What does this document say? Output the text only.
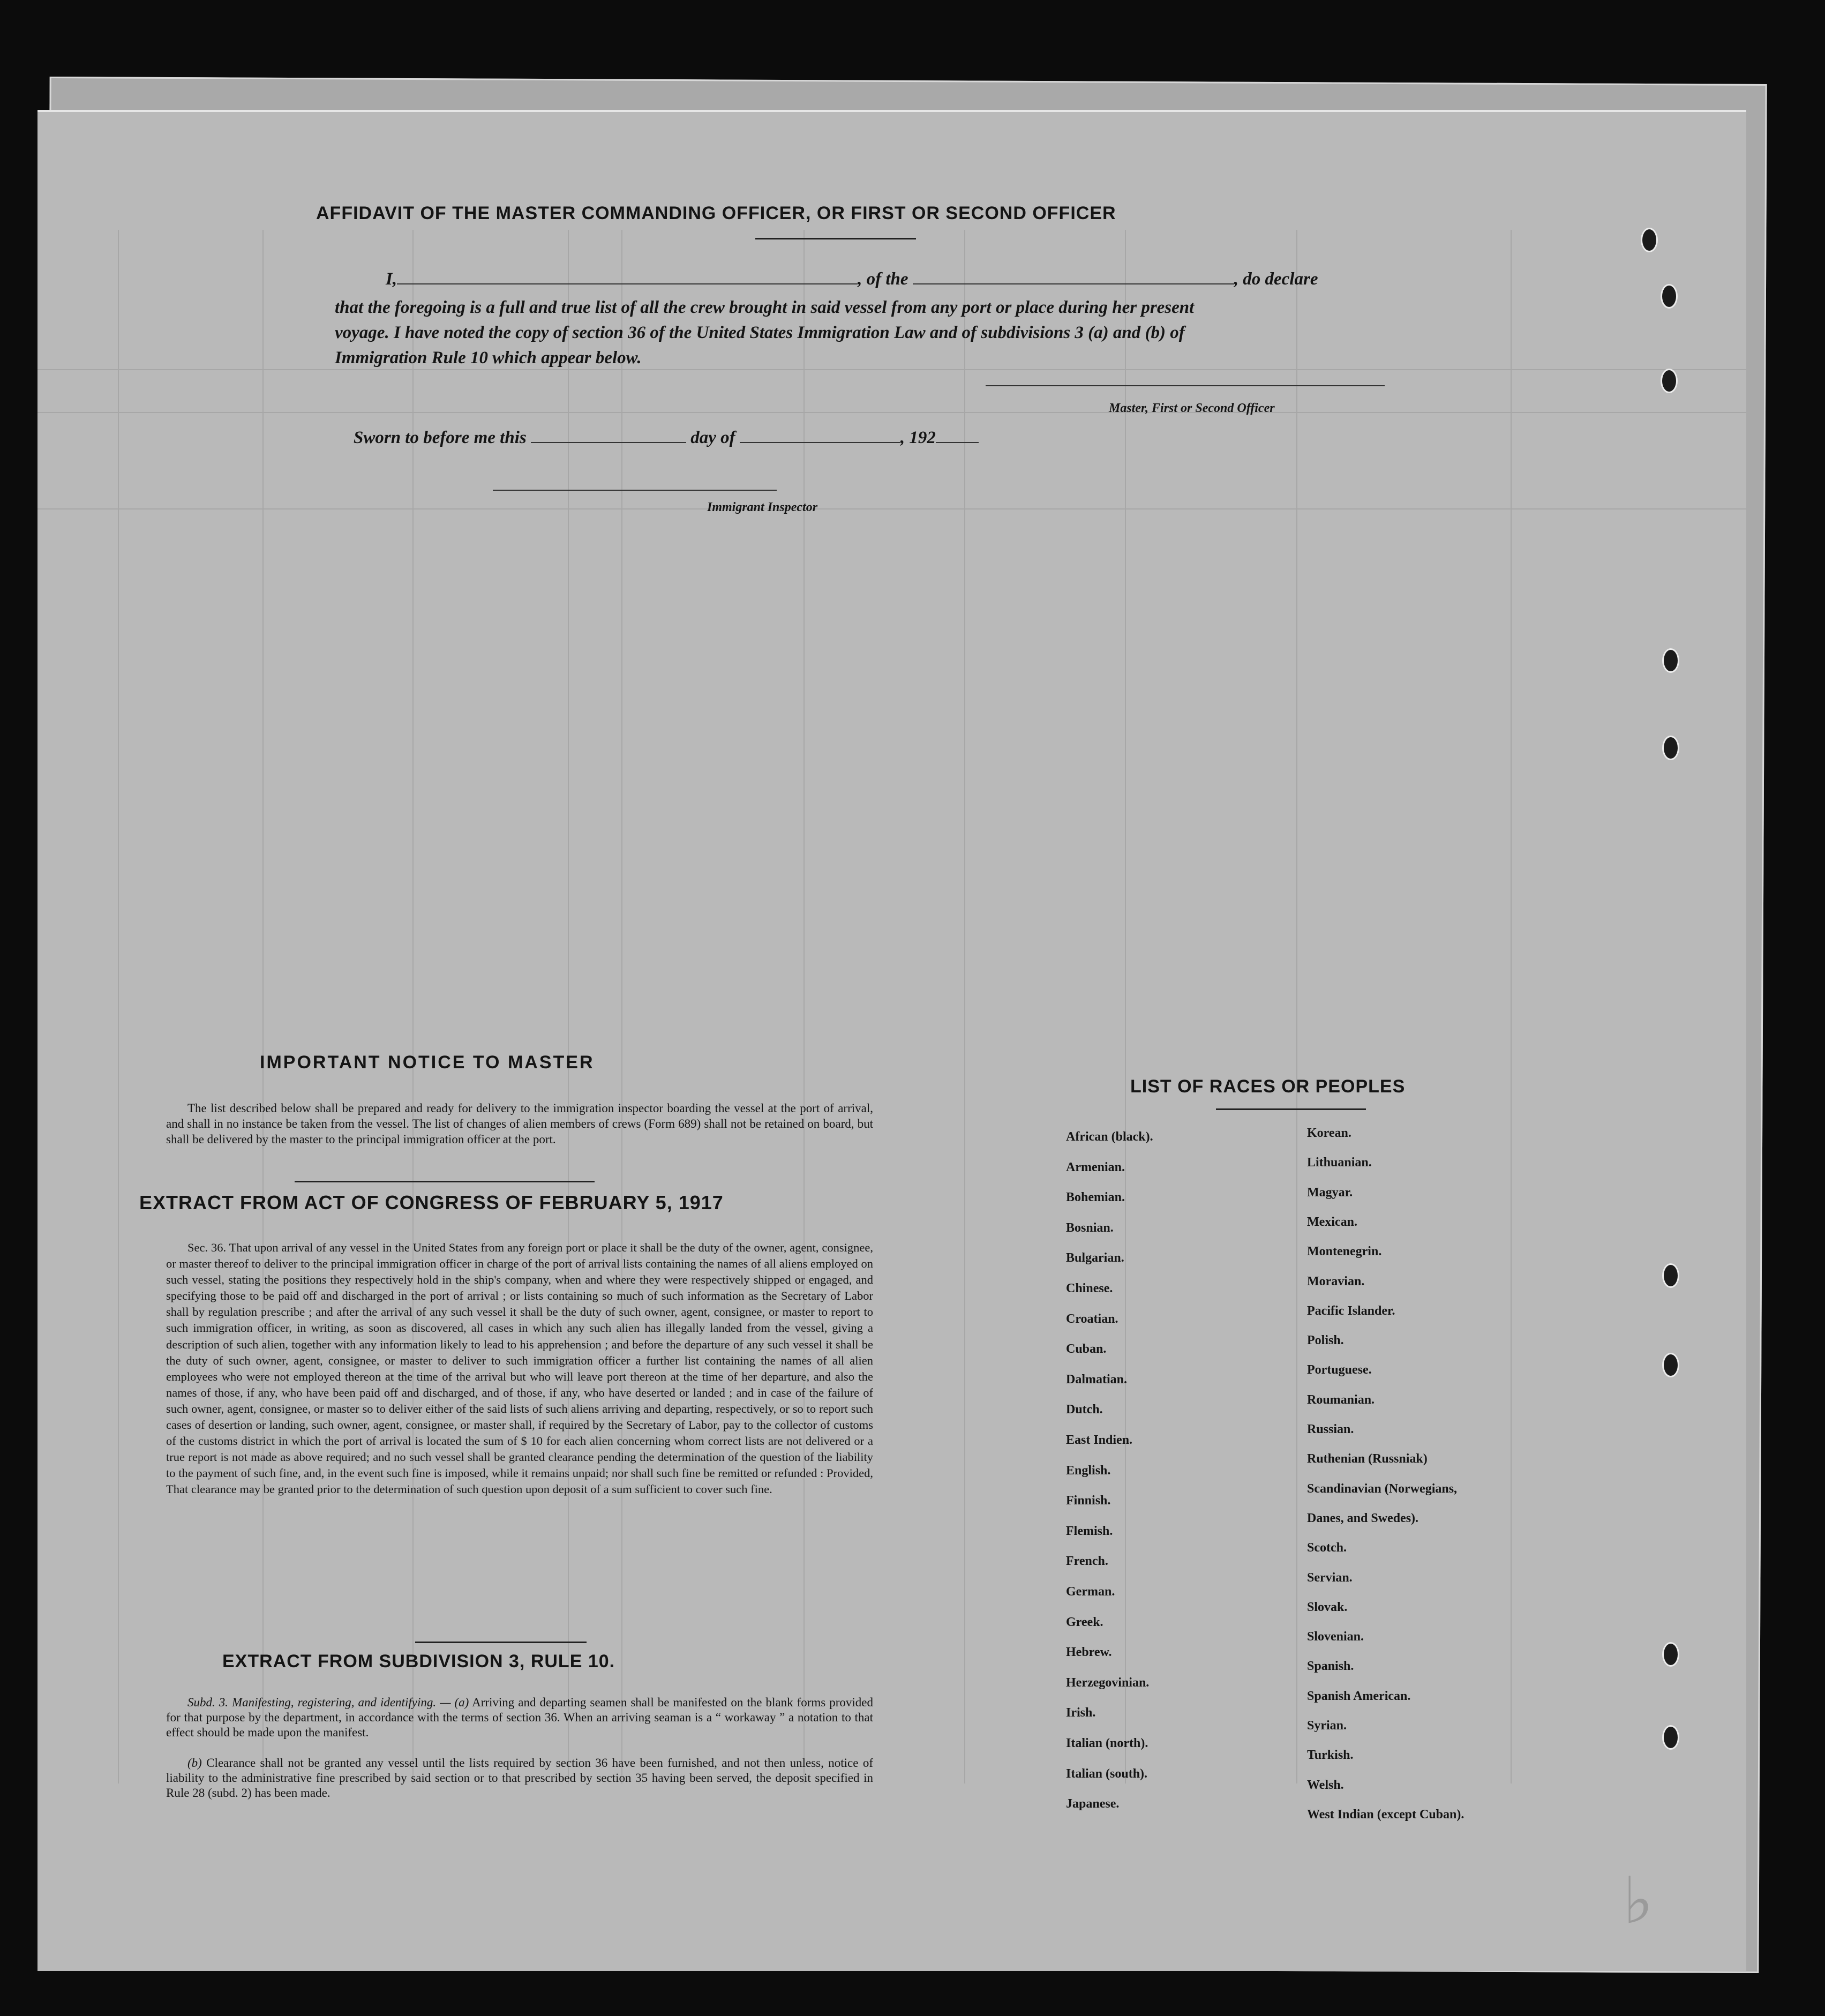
AFFIDAVIT OF THE MASTER COMMANDING OFFICER, OR FIRST OR SECOND OFFICER
I,	, of the	, do declare
that the foregoing is a full and true list of all the crew brought in said vessel from any port or place during her present
voyage. I have noted the copy of section 36 of the United States Immigration Law and of subdivisions 3 (a) and (b) of
Immigration Rule 10 which appear below.
Master, First or Second Officer
Sworn to before me this	day of	, 192
Immigrant Inspector
IMPORTANT NOTICE TO MASTER
The list described below shall be prepared and ready for delivery to the immigration inspector boarding the vessel at the port of arrival, and shall in no instance be taken from the vessel. The list of changes of alien members of crews (Form 689) shall not be retained on board, but shall be delivered by the master to the principal immigration officer at the port.
EXTRACT FROM ACT OF CONGRESS OF FEBRUARY 5, 1917
Sec. 36. That upon arrival of any vessel in the United States from any foreign port or place it shall be the duty of the owner, agent, consignee, or master thereof to deliver to the principal immigration officer in charge of the port of arrival lists containing the names of all aliens employed on such vessel, stating the positions they respectively hold in the ship's company, when and where they were respectively shipped or engaged, and specifying those to be paid off and discharged in the port of arrival ; or lists containing so much of such information as the Secretary of Labor shall by regulation prescribe ; and after the arrival of any such vessel it shall be the duty of such owner, agent, consignee, or master to report to such immigration officer, in writing, as soon as discovered, all cases in which any such alien has illegally landed from the vessel, giving a description of such alien, together with any information likely to lead to his apprehension ; and before the departure of any such vessel it shall be the duty of such owner, agent, consignee, or master to deliver to such immigration officer a further list containing the names of all alien employees who were not employed thereon at the time of the arrival but who will leave port thereon at the time of her departure, and also the names of those, if any, who have been paid off and discharged, and of those, if any, who have deserted or landed ; and in case of the failure of such owner, agent, consignee, or master so to deliver either of the said lists of such aliens arriving and departing, respectively, or so to report such cases of desertion or landing, such owner, agent, consignee, or master shall, if required by the Secretary of Labor, pay to the collector of customs of the customs district in which the port of arrival is located the sum of $ 10 for each alien concerning whom correct lists are not delivered or a true report is not made as above required; and no such vessel shall be granted clearance pending the determination of the question of the liability to the payment of such fine, and, in the event such fine is imposed, while it remains unpaid; nor shall such fine be remitted or refunded : Provided, That clearance may be granted prior to the determination of such question upon deposit of a sum sufficient to cover such fine.
EXTRACT FROM SUBDIVISION 3, RULE 10.
Subd. 3. Manifesting, registering, and identifying. — (a) Arriving and departing seamen shall be manifested on the blank forms provided for that purpose by the department, in accordance with the terms of section 36. When an arriving seaman is a “ workaway ” a notation to that effect should be made upon the manifest.
(b) Clearance shall not be granted any vessel until the lists required by section 36 have been furnished, and not then unless, notice of liability to the administrative fine prescribed by said section or to that prescribed by section 35 having been served, the deposit specified in Rule 28 (subd. 2) has been made.
LIST OF RACES OR PEOPLES
African (black).
Armenian.
Bohemian.
Bosnian.
Bulgarian.
Chinese.
Croatian.
Cuban.
Dalmatian.
Dutch.
East Indien.
English.
Finnish.
Flemish.
French.
German.
Greek.
Hebrew.
Herzegovinian.
Irish.
Italian (north).
Italian (south).
Japanese.
Korean.
Lithuanian.
Magyar.
Mexican.
Montenegrin.
Moravian.
Pacific Islander.
Polish.
Portuguese.
Roumanian.
Russian.
Ruthenian (Russniak)
Scandinavian (Norwegians,
Danes, and Swedes).
Scotch.
Servian.
Slovak.
Slovenian.
Spanish.
Spanish American.
Syrian.
Turkish.
Welsh.
West Indian (except Cuban).
♭
